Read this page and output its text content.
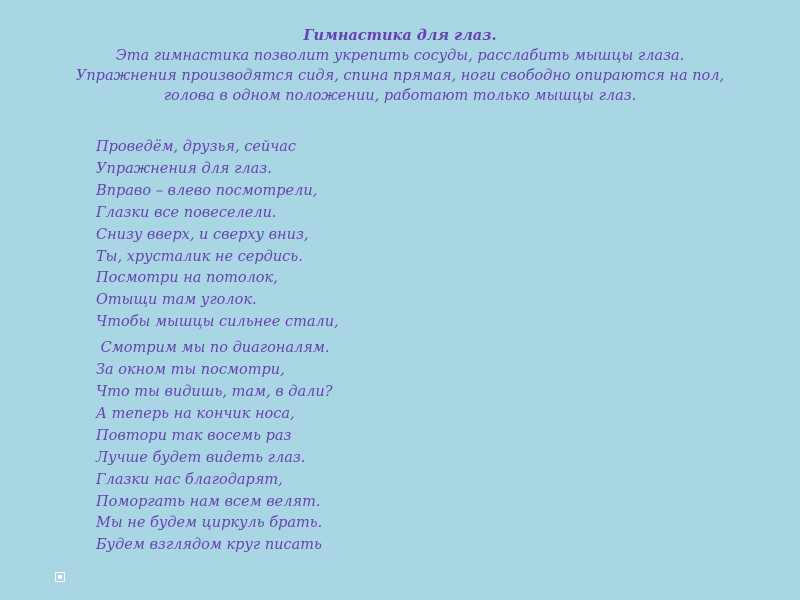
Гимнастика для глаз.
Эта гимнастика позволит укрепить сосуды, расслабить мышцы глаза.
Упражнения производятся сидя, спина прямая, ноги свободно опираются на пол,
голова в одном положении, работают только мышцы глаз.
Проведём, друзья, сейчас
Упражнения для глаз.
Вправо – влево посмотрели,
Глазки все повеселели.
Снизу вверх, и сверху вниз,
Ты, хрусталик не сердись.
Посмотри на потолок,
Отыщи там уголок.
Чтобы мышцы сильнее стали,
Смотрим мы по диагоналям.
За окном ты посмотри,
Что ты видишь, там, в дали?
А теперь на кончик носа,
Повтори так восемь раз
Лучше будет видеть глаз.
Глазки нас благодарят,
Поморгать нам всем велят.
Мы не будем циркуль брать.
Будем взглядом круг писать
